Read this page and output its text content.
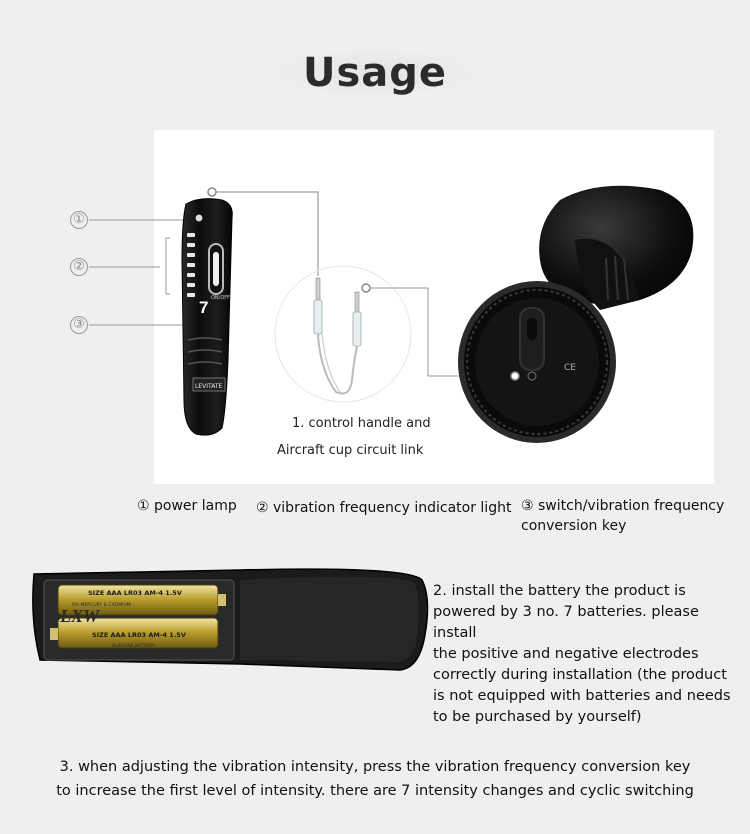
Usage
①
②
③
7 ON/OFF
LEVITATE
CE
SIZE AAA LR03 AM-4 1.5V
0% MERCURY & CADMIUM
LXW
SIZE AAA LR03 AM-4 1.5V
ALKALINE BATTERY
1. control handle and
Aircraft cup circuit link
① power lamp ② vibration frequency indicator light ③ switch/vibration frequency
conversion key
2. install the battery the product is
powered by 3 no. 7 batteries. please install
the positive and negative electrodes
correctly during installation (the product
is not equipped with batteries and needs
to be purchased by yourself)
3. when adjusting the vibration intensity, press the vibration frequency conversion key
to increase the first level of intensity. there are 7 intensity changes and cyclic switching
